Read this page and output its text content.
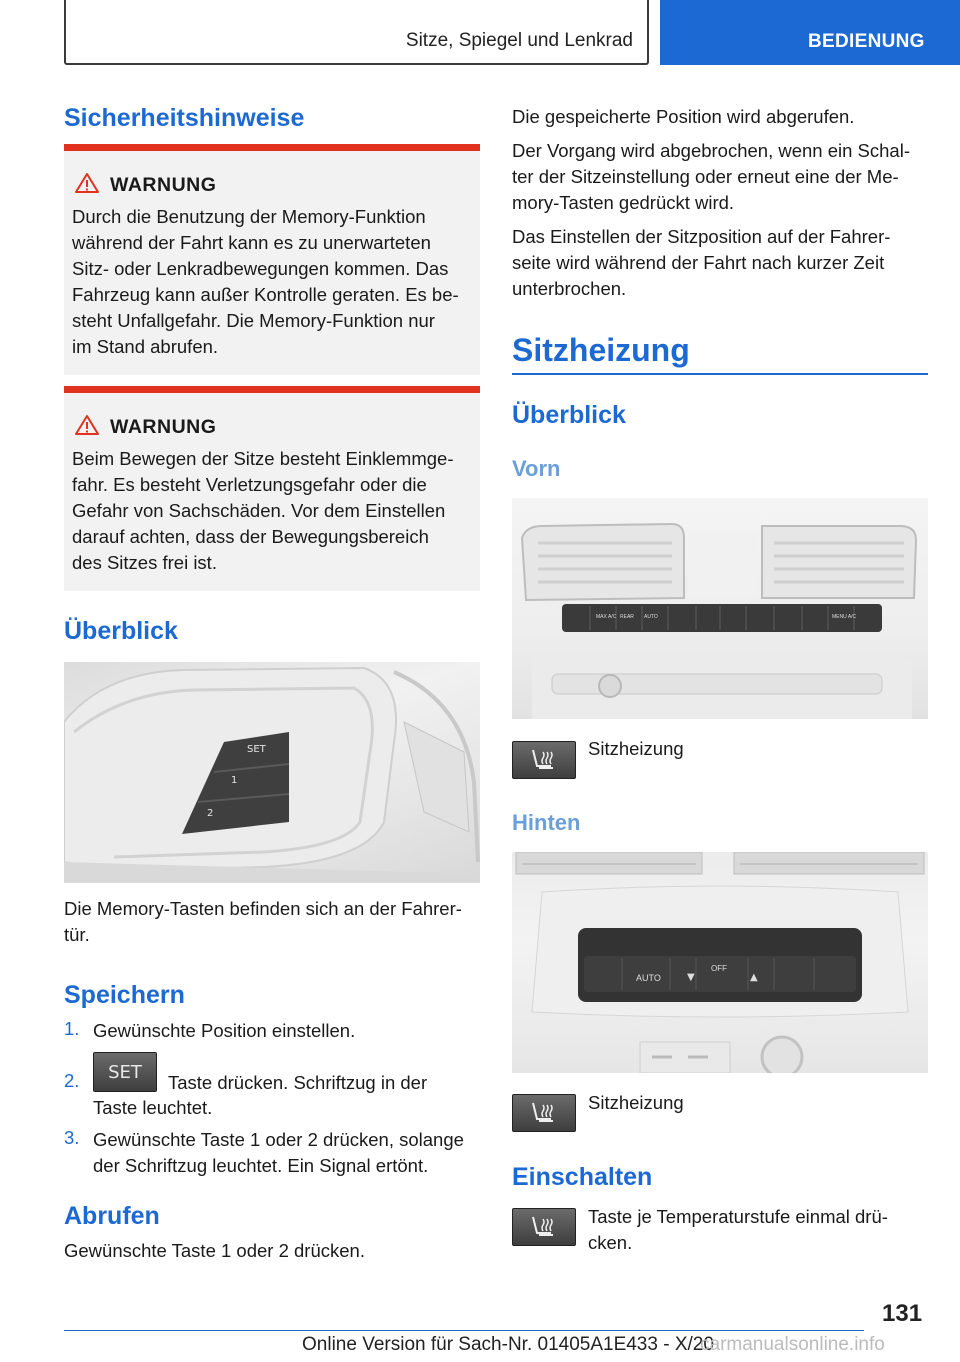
Sitze, Spiegel und Lenkrad	BEDIENUNG
Sicherheitshinweise
WARNUNG
Durch die Benutzung der Memory-Funktion
während der Fahrt kann es zu unerwarteten
Sitz- oder Lenkradbewegungen kommen. Das
Fahrzeug kann außer Kontrolle geraten. Es be-
steht Unfallgefahr. Die Memory-Funktion nur
im Stand abrufen.
WARNUNG
Beim Bewegen der Sitze besteht Einklemmge-
fahr. Es besteht Verletzungsgefahr oder die
Gefahr von Sachschäden. Vor dem Einstellen
darauf achten, dass der Bewegungsbereich
des Sitzes frei ist.
Überblick
SET
1
2
Die Memory-Tasten befinden sich an der Fahrer-
tür.
Speichern
1. Gewünschte Position einstellen.
2.	SET	Taste drücken. Schriftzug in der
Taste leuchtet.
3. Gewünschte Taste 1 oder 2 drücken, solange
der Schriftzug leuchtet. Ein Signal ertönt.
Abrufen
Gewünschte Taste 1 oder 2 drücken.
Die gespeicherte Position wird abgerufen.
Der Vorgang wird abgebrochen, wenn ein Schal-
ter der Sitzeinstellung oder erneut eine der Me-
mory-Tasten gedrückt wird.
Das Einstellen der Sitzposition auf der Fahrer-
seite wird während der Fahrt nach kurzer Zeit
unterbrochen.
Sitzheizung
Überblick
Vorn
MAX A/C REAR AUTO	MENU A/C
Sitzheizung
Hinten
▼	▲
AUTO
OFF
Sitzheizung
Einschalten
Taste je Temperaturstufe einmal drü-
cken.
131
Online Version für Sach-Nr. 01405A1E433 - X/20
carmanualsonline.info
